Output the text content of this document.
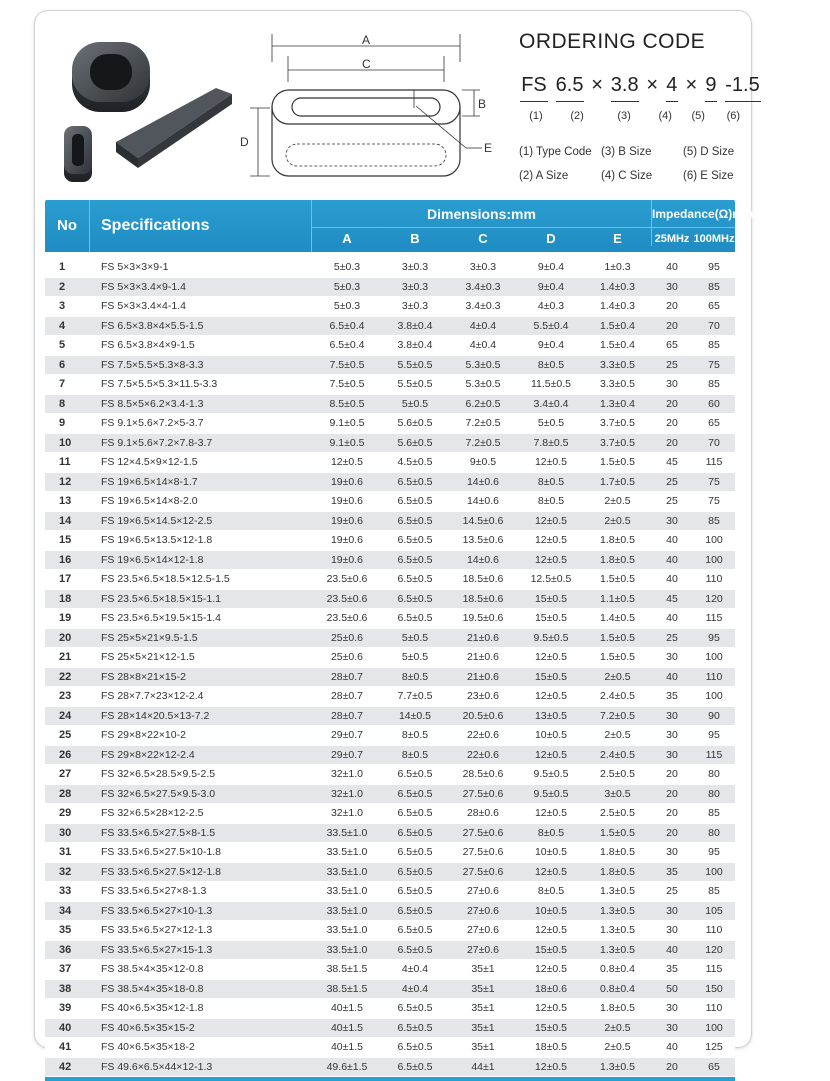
A
C
D
B
E
ORDERING CODE
FS 6.5 × 3.8 × 4 × 9 -1.5
(1)	(2)	(3)	(4) (5) (6)
(1) Type Code (3) B Size	(5) D Size
(2) A Size	(4) C Size	(6) E Size
No	Specifications
Dimensions:mm	Impedance(Ω)min
A	B	C	D	E	25MHz 100MHz
1	FS 5×3×3×9-1	5±0.3	3±0.3	3±0.3	9±0.4	1±0.3	40	95
2	FS 5×3×3.4×9-1.4	5±0.3	3±0.3	3.4±0.3	9±0.4	1.4±0.3	30	85
3	FS 5×3×3.4×4-1.4	5±0.3	3±0.3	3.4±0.3	4±0.3	1.4±0.3	20	65
4	FS 6.5×3.8×4×5.5-1.5	6.5±0.4	3.8±0.4	4±0.4	5.5±0.4	1.5±0.4	20	70
5	FS 6.5×3.8×4×9-1.5	6.5±0.4	3.8±0.4	4±0.4	9±0.4	1.5±0.4	65	85
6	FS 7.5×5.5×5.3×8-3.3	7.5±0.5	5.5±0.5	5.3±0.5	8±0.5	3.3±0.5	25	75
7	FS 7.5×5.5×5.3×11.5-3.3	7.5±0.5	5.5±0.5	5.3±0.5	11.5±0.5	3.3±0.5	30	85
8	FS 8.5×5×6.2×3.4-1.3	8.5±0.5	5±0.5	6.2±0.5	3.4±0.4	1.3±0.4	20	60
9	FS 9.1×5.6×7.2×5-3.7	9.1±0.5	5.6±0.5	7.2±0.5	5±0.5	3.7±0.5	20	65
10	FS 9.1×5.6×7.2×7.8-3.7	9.1±0.5	5.6±0.5	7.2±0.5	7.8±0.5	3.7±0.5	20	70
11	FS 12×4.5×9×12-1.5	12±0.5	4.5±0.5	9±0.5	12±0.5	1.5±0.5	45	115
12	FS 19×6.5×14×8-1.7	19±0.6	6.5±0.5	14±0.6	8±0.5	1.7±0.5	25	75
13	FS 19×6.5×14×8-2.0	19±0.6	6.5±0.5	14±0.6	8±0.5	2±0.5	25	75
14	FS 19×6.5×14.5×12-2.5	19±0.6	6.5±0.5	14.5±0.6	12±0.5	2±0.5	30	85
15	FS 19×6.5×13.5×12-1.8	19±0.6	6.5±0.5	13.5±0.6	12±0.5	1.8±0.5	40	100
16	FS 19×6.5×14×12-1.8	19±0.6	6.5±0.5	14±0.6	12±0.5	1.8±0.5	40	100
17	FS 23.5×6.5×18.5×12.5-1.5	23.5±0.6	6.5±0.5	18.5±0.6	12.5±0.5	1.5±0.5	40	110
18	FS 23.5×6.5×18.5×15-1.1	23.5±0.6	6.5±0.5	18.5±0.6	15±0.5	1.1±0.5	45	120
19	FS 23.5×6.5×19.5×15-1.4	23.5±0.6	6.5±0.5	19.5±0.6	15±0.5	1.4±0.5	40	115
20	FS 25×5×21×9.5-1.5	25±0.6	5±0.5	21±0.6	9.5±0.5	1.5±0.5	25	95
21	FS 25×5×21×12-1.5	25±0.6	5±0.5	21±0.6	12±0.5	1.5±0.5	30	100
22	FS 28×8×21×15-2	28±0.7	8±0.5	21±0.6	15±0.5	2±0.5	40	110
23	FS 28×7.7×23×12-2.4	28±0.7	7.7±0.5	23±0.6	12±0.5	2.4±0.5	35	100
24	FS 28×14×20.5×13-7.2	28±0.7	14±0.5	20.5±0.6	13±0.5	7.2±0.5	30	90
25	FS 29×8×22×10-2	29±0.7	8±0.5	22±0.6	10±0.5	2±0.5	30	95
26	FS 29×8×22×12-2.4	29±0.7	8±0.5	22±0.6	12±0.5	2.4±0.5	30	115
27	FS 32×6.5×28.5×9.5-2.5	32±1.0	6.5±0.5	28.5±0.6	9.5±0.5	2.5±0.5	20	80
28	FS 32×6.5×27.5×9.5-3.0	32±1.0	6.5±0.5	27.5±0.6	9.5±0.5	3±0.5	20	80
29	FS 32×6.5×28×12-2.5	32±1.0	6.5±0.5	28±0.6	12±0.5	2.5±0.5	20	85
30	FS 33.5×6.5×27.5×8-1.5	33.5±1.0	6.5±0.5	27.5±0.6	8±0.5	1.5±0.5	20	80
31	FS 33.5×6.5×27.5×10-1.8	33.5±1.0	6.5±0.5	27.5±0.6	10±0.5	1.8±0.5	30	95
32	FS 33.5×6.5×27.5×12-1.8	33.5±1.0	6.5±0.5	27.5±0.6	12±0.5	1.8±0.5	35	100
33	FS 33.5×6.5×27×8-1.3	33.5±1.0	6.5±0.5	27±0.6	8±0.5	1.3±0.5	25	85
34	FS 33.5×6.5×27×10-1.3	33.5±1.0	6.5±0.5	27±0.6	10±0.5	1.3±0.5	30	105
35	FS 33.5×6.5×27×12-1.3	33.5±1.0	6.5±0.5	27±0.6	12±0.5	1.3±0.5	30	110
36	FS 33.5×6.5×27×15-1.3	33.5±1.0	6.5±0.5	27±0.6	15±0.5	1.3±0.5	40	120
37	FS 38.5×4×35×12-0.8	38.5±1.5	4±0.4	35±1	12±0.5	0.8±0.4	35	115
38	FS 38.5×4×35×18-0.8	38.5±1.5	4±0.4	35±1	18±0.6	0.8±0.4	50	150
39	FS 40×6.5×35×12-1.8	40±1.5	6.5±0.5	35±1	12±0.5	1.8±0.5	30	110
40	FS 40×6.5×35×15-2	40±1.5	6.5±0.5	35±1	15±0.5	2±0.5	30	100
41	FS 40×6.5×35×18-2	40±1.5	6.5±0.5	35±1	18±0.5	2±0.5	40	125
42	FS 49.6×6.5×44×12-1.3	49.6±1.5	6.5±0.5	44±1	12±0.5	1.3±0.5	20	65
